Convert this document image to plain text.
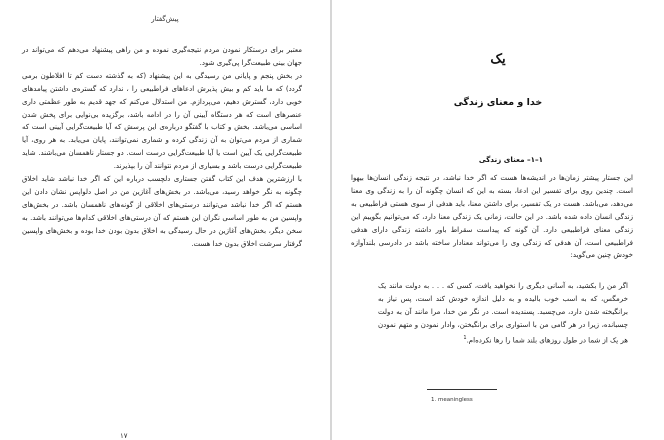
پیش‌گفتار

معتبر برای درستکار نمودن مردم نتیجه‌گیری نموده و من راهی پیشنهاد می‌دهم که می‌تواند در جهان بینی طبیعت‌گرا پی‌گیری شود.

در بخش پنجم و پایانی من رسیدگی به این پیشنهاد (که به گذشته دست کم تا افلاطون برمی گردد) که ما باید کم و بیش پذیرش ادعاهای فراطبیعی را ، ندارد که گستره‌ی داشتن پیامدهای خوبی دارد، گسترش دهیم، می‌پردازم. من استدلال می‌کنم که جهد قدیم به طور عظمتی داری عنصرهای است که هر دستگاه آیینی آن را در ادامه باشد، برگزیده بی‌نوایی برای پخش شدن اساسی می‌باشد. بخش و کتاب با گفتگو درباره‌ی این پرسش که آیا طبیعت‌گرایی آیینی است که شماری از مردم می‌توان به آن زندگی کرده و شماری نمی‌توانند، پایان می‌یابد. به هر روی، آیا طبیعت‌گرایی یک آیین است یا آیا طبیعت‌گرایی درست است. دو جستار ناهمسان می‌باشند. شاید طبیعت‌گرایی درست باشد و بسیاری از مردم نتوانند آن را بپذیرند.

با ارزشترین هدف این کتاب گفتن جستاری دلچسب درباره این که اگر خدا نباشد شاید اخلاق چگونه به نگر خواهد رسید، می‌باشد. در بخش‌های آغازین من در اصل دلواپس نشان دادن این هستم که اگر خدا نباشد می‌توانند درستی‌های اخلاقی از گونه‌های ناهمسان باشد. در بخش‌های واپسین من به طور اساسی نگران این هستم که آن درستی‌های اخلاقی کدام‌ها می‌توانند باشد. به سخن دیگر، بخش‌های آغازین در حال رسیدگی به اخلاق بدون بودن خدا بوده و بخش‌های واپسین گرفتار سرشت اخلاق بدون خدا هست.

۱۷
یک
خدا و معنای زندگی
۱–۱– معنای زندگی

این جستار پیشتر زمان‌ها در اندیشه‌ها هست که اگر خدا نباشد، در نتیجه زندگی انسان‌ها بیهوا است. چندین روی برای تفسیر این ادعا، بسته به این که انسان چگونه آن را به زندگی وی معنا می‌دهد، می‌باشد. هست در یک تفسیر، برای داشتن معنا، باید هدفی از سوی هستی فراطبیعی به زندگی انسان داده شده باشد. در این حالت، زمانی یک زندگی معنا دارد، که می‌توانیم بگوییم این زندگی معنای فراطبیعی دارد. آن گونه که پیداست سقراط باور داشته زندگی دارای هدفی فراطبیعی است، آن هدفی که زندگی وی را می‌تواند معنادار ساخته باشد در دادرسی بلندآوازه خودش چنین می‌گوید:

اگر من را بکشید، به آسانی دیگری را نخواهید یافت، کسی که . . . به دولت مانند یک خرمگس، که به اسب خوب بالیده و به دلیل اندازه خودش کند است، پس نیاز به برانگیخته شدن دارد، می‌چسبد. پسندیده است. در نگر من خدا، مرا مانند آن به دولت چسبانده، زیرا در هر گامی من با استواری برای برانگیختن، وادار نمودن و متهم نمودن هر یک از شما در طول روزهای بلند شما را رها نکرده‌ام.$^1$
1. meaningless
